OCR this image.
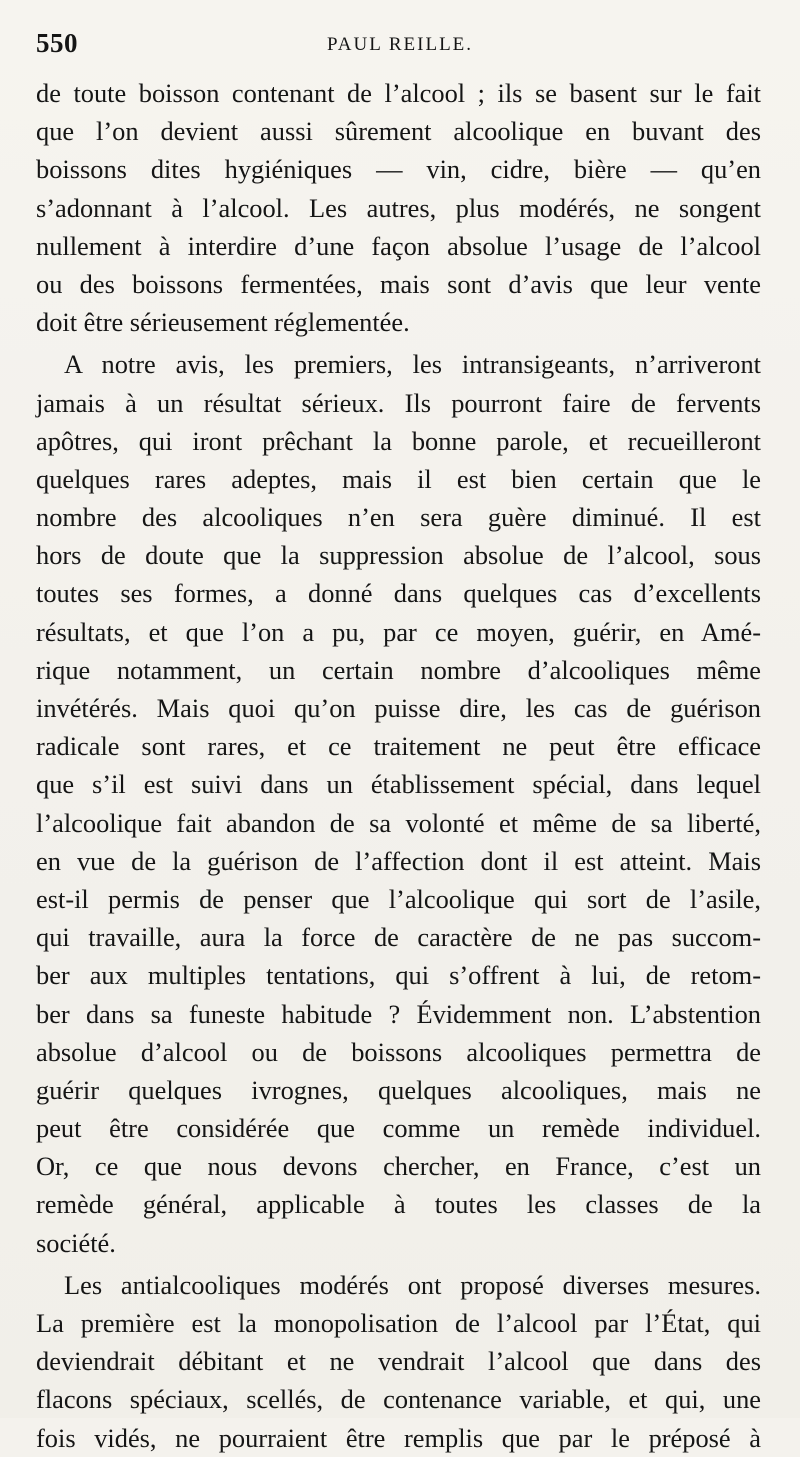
550	PAUL REILLE.
de toute boisson contenant de l’alcool ; ils se basent sur le fait
que l’on devient aussi sûrement alcoolique en buvant des
boissons dites hygiéniques — vin, cidre, bière — qu’en
s’adonnant à l’alcool. Les autres, plus modérés, ne songent
nullement à interdire d’une façon absolue l’usage de l’alcool
ou des boissons fermentées, mais sont d’avis que leur vente
doit être sérieusement réglementée.
A notre avis, les premiers, les intransigeants, n’arriveront
jamais à un résultat sérieux. Ils pourront faire de fervents
apôtres, qui iront prêchant la bonne parole, et recueilleront
quelques rares adeptes, mais il est bien certain que le
nombre des alcooliques n’en sera guère diminué. Il est
hors de doute que la suppression absolue de l’alcool, sous
toutes ses formes, a donné dans quelques cas d’excellents
résultats, et que l’on a pu, par ce moyen, guérir, en Amé-
rique notamment, un certain nombre d’alcooliques même
invétérés. Mais quoi qu’on puisse dire, les cas de guérison
radicale sont rares, et ce traitement ne peut être efficace
que s’il est suivi dans un établissement spécial, dans lequel
l’alcoolique fait abandon de sa volonté et même de sa liberté,
en vue de la guérison de l’affection dont il est atteint. Mais
est-il permis de penser que l’alcoolique qui sort de l’asile,
qui travaille, aura la force de caractère de ne pas succom-
ber aux multiples tentations, qui s’offrent à lui, de retom-
ber dans sa funeste habitude ? Évidemment non. L’abstention
absolue d’alcool ou de boissons alcooliques permettra de
guérir quelques ivrognes, quelques alcooliques, mais ne
peut être considérée que comme un remède individuel.
Or, ce que nous devons chercher, en France, c’est un
remède général, applicable à toutes les classes de la
société.
Les antialcooliques modérés ont proposé diverses mesures.
La première est la monopolisation de l’alcool par l’État, qui
deviendrait débitant et ne vendrait l’alcool que dans des
flacons spéciaux, scellés, de contenance variable, et qui, une
fois vidés, ne pourraient être remplis que par le préposé à
